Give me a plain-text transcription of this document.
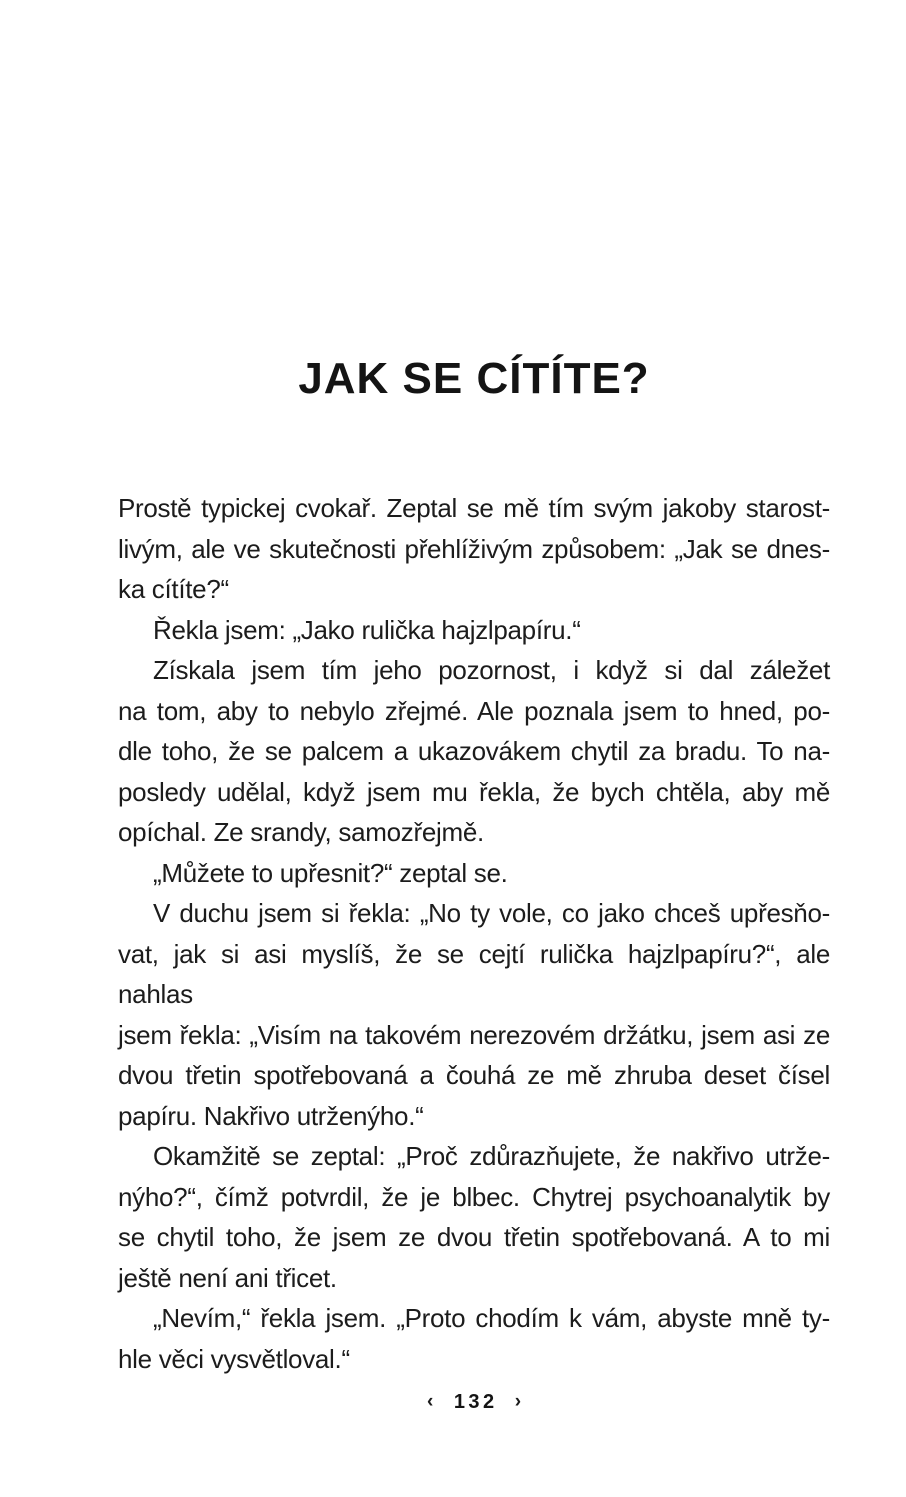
JAK SE CÍTÍTE?
Prostě typickej cvokař. Zeptal se mě tím svým jakoby starost-
livým, ale ve skutečnosti přehlíživým způsobem: „Jak se dnes-
ka cítíte?“
Řekla jsem: „Jako rulička hajzlpapíru.“
Získala jsem tím jeho pozornost, i když si dal záležet
na tom, aby to nebylo zřejmé. Ale poznala jsem to hned, po-
dle toho, že se palcem a ukazovákem chytil za bradu. To na-
posledy udělal, když jsem mu řekla, že bych chtěla, aby mě
opíchal. Ze srandy, samozřejmě.
„Můžete to upřesnit?“ zeptal se.
V duchu jsem si řekla: „No ty vole, co jako chceš upřesňo-
vat, jak si asi myslíš, že se cejtí rulička hajzlpapíru?“, ale nahlas
jsem řekla: „Visím na takovém nerezovém držátku, jsem asi ze
dvou třetin spotřebovaná a čouhá ze mě zhruba deset čísel
papíru. Nakřivo utrženýho.“
Okamžitě se zeptal: „Proč zdůrazňujete, že nakřivo utrže-
nýho?“, čímž potvrdil, že je blbec. Chytrej psychoanalytik by
se chytil toho, že jsem ze dvou třetin spotřebovaná. A to mi
ještě není ani třicet.
„Nevím,“ řekla jsem. „Proto chodím k vám, abyste mně ty-
hle věci vysvětloval.“
‹ 132 ›
